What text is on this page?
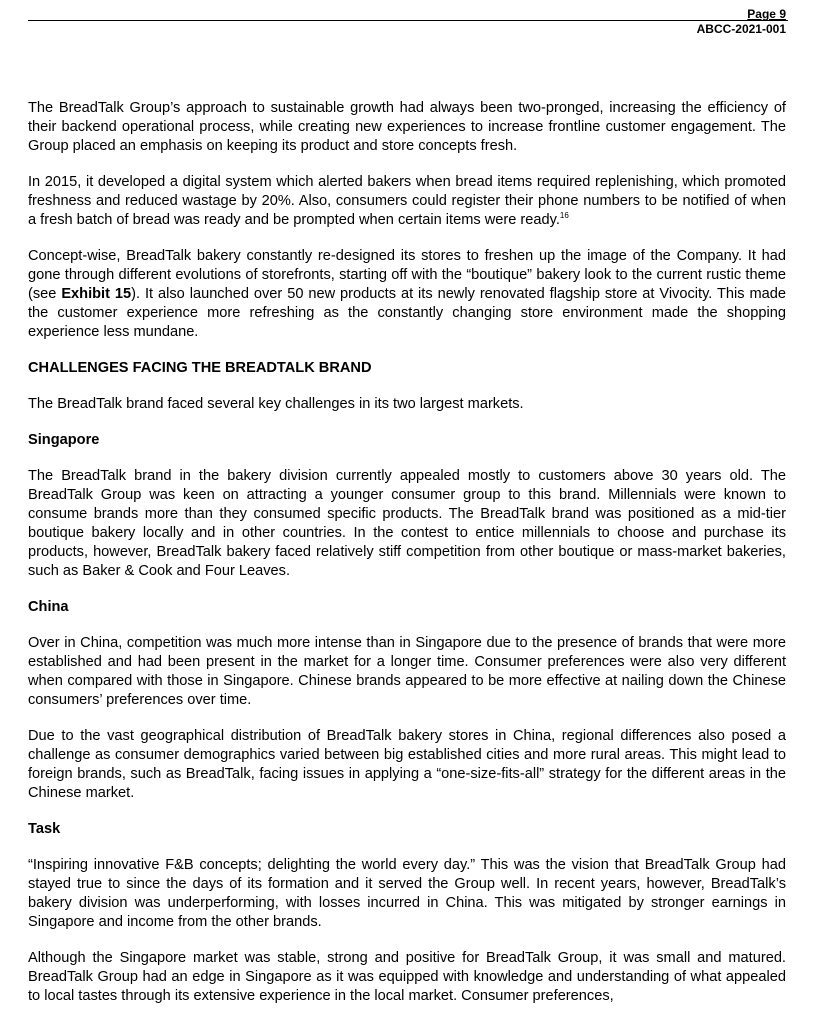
Page 9
ABCC-2021-001

The BreadTalk Group’s approach to sustainable growth had always been two-pronged, increasing the efficiency of their backend operational process, while creating new experiences to increase frontline customer engagement. The Group placed an emphasis on keeping its product and store concepts fresh.

In 2015, it developed a digital system which alerted bakers when bread items required replenishing, which promoted freshness and reduced wastage by 20%. Also, consumers could register their phone numbers to be notified of when a fresh batch of bread was ready and be prompted when certain items were ready.$^{16}$

Concept-wise, BreadTalk bakery constantly re-designed its stores to freshen up the image of the Company. It had gone through different evolutions of storefronts, starting off with the “boutique” bakery look to the current rustic theme (see Exhibit 15). It also launched over 50 new products at its newly renovated flagship store at Vivocity. This made the customer experience more refreshing as the constantly changing store environment made the shopping experience less mundane.

CHALLENGES FACING THE BREADTALK BRAND

The BreadTalk brand faced several key challenges in its two largest markets.

Singapore

The BreadTalk brand in the bakery division currently appealed mostly to customers above 30 years old. The BreadTalk Group was keen on attracting a younger consumer group to this brand. Millennials were known to consume brands more than they consumed specific products. The BreadTalk brand was positioned as a mid-tier boutique bakery locally and in other countries. In the contest to entice millennials to choose and purchase its products, however, BreadTalk bakery faced relatively stiff competition from other boutique or mass-market bakeries, such as Baker & Cook and Four Leaves.

China

Over in China, competition was much more intense than in Singapore due to the presence of brands that were more established and had been present in the market for a longer time. Consumer preferences were also very different when compared with those in Singapore. Chinese brands appeared to be more effective at nailing down the Chinese consumers’ preferences over time.

Due to the vast geographical distribution of BreadTalk bakery stores in China, regional differences also posed a challenge as consumer demographics varied between big established cities and more rural areas. This might lead to foreign brands, such as BreadTalk, facing issues in applying a “one-size-fits-all” strategy for the different areas in the Chinese market.

Task

“Inspiring innovative F&B concepts; delighting the world every day.” This was the vision that BreadTalk Group had stayed true to since the days of its formation and it served the Group well. In recent years, however, BreadTalk’s bakery division was underperforming, with losses incurred in China. This was mitigated by stronger earnings in Singapore and income from the other brands.

Although the Singapore market was stable, strong and positive for BreadTalk Group, it was small and matured. BreadTalk Group had an edge in Singapore as it was equipped with knowledge and understanding of what appealed to local tastes through its extensive experience in the local market. Consumer preferences,
